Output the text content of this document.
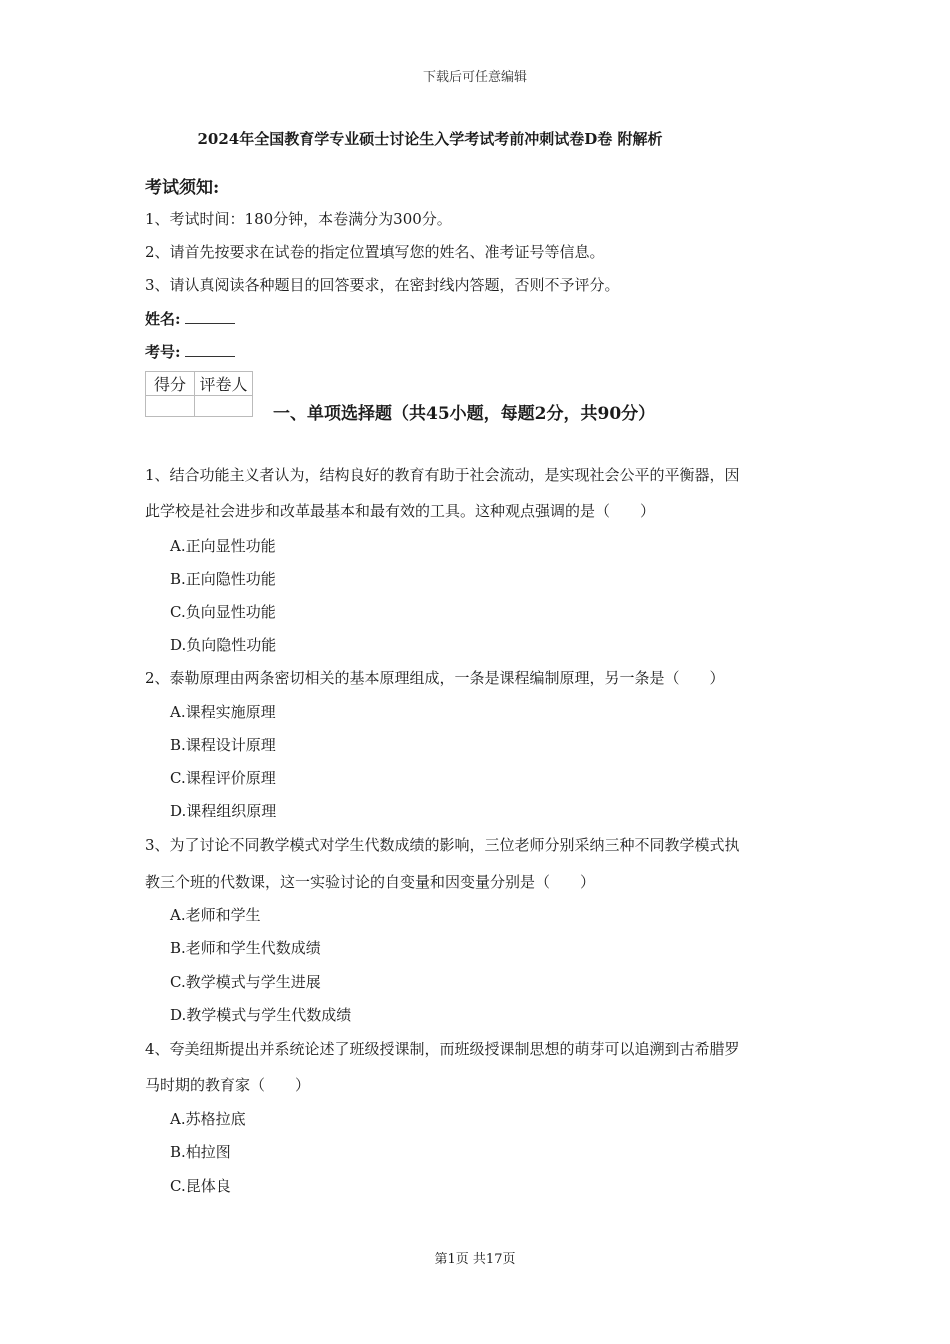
下载后可任意编辑
2024年全国教育学专业硕士讨论生入学考试考前冲刺试卷D卷 附解析
考试须知:
1、考试时间：180分钟，本卷满分为300分。
2、请首先按要求在试卷的指定位置填写您的姓名、准考证号等信息。
3、请认真阅读各种题目的回答要求，在密封线内答题，否则不予评分。
姓名:
考号:
得分	评卷人

一、单项选择题（共45小题，每题2分，共90分）
1、结合功能主义者认为，结构良好的教育有助于社会流动，是实现社会公平的平衡器，因
此学校是社会进步和改革最基本和最有效的工具。这种观点强调的是（　　）
A.正向显性功能
B.正向隐性功能
C.负向显性功能
D.负向隐性功能
2、泰勒原理由两条密切相关的基本原理组成，一条是课程编制原理，另一条是（　　）
A.课程实施原理
B.课程设计原理
C.课程评价原理
D.课程组织原理
3、为了讨论不同教学模式对学生代数成绩的影响，三位老师分别采纳三种不同教学模式执
教三个班的代数课，这一实验讨论的自变量和因变量分别是（　　）
A.老师和学生
B.老师和学生代数成绩
C.教学模式与学生进展
D.教学模式与学生代数成绩
4、夸美纽斯提出并系统论述了班级授课制，而班级授课制思想的萌芽可以追溯到古希腊罗
马时期的教育家（　　）
A.苏格拉底
B.柏拉图
C.昆体良
第1页 共17页
